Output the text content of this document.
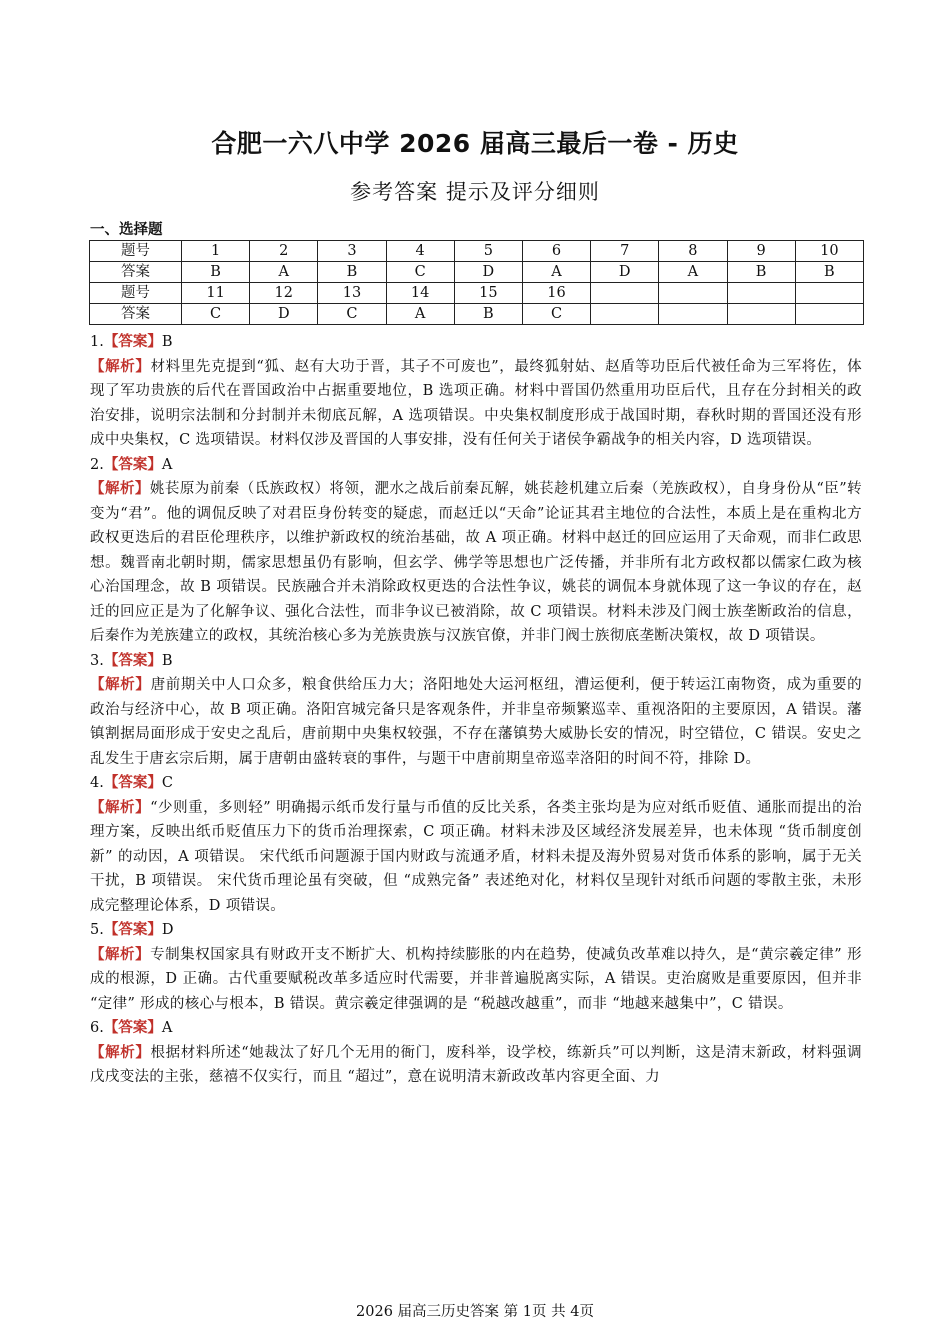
合肥一六八中学 2026 届高三最后一卷 - 历史
参考答案 提示及评分细则
一、选择题
题号	1	2	3	4	5	6	7	8	9	10
答案	B	A	B	C	D	A	D	A	B	B
题号	11	12	13	14	15	16				
答案	C	D	C	A	B	C				

1.【答案】B

【解析】材料里先克提到“狐、赵有大功于晋，其子不可废也”，最终狐射姑、赵盾等功臣后代被任命为三军将佐，体现了军功贵族的后代在晋国政治中占据重要地位，B 选项正确。材料中晋国仍然重用功臣后代，且存在分封相关的政治安排，说明宗法制和分封制并未彻底瓦解，A 选项错误。中央集权制度形成于战国时期，春秋时期的晋国还没有形成中央集权，C 选项错误。材料仅涉及晋国的人事安排，没有任何关于诸侯争霸战争的相关内容，D 选项错误。

2.【答案】A

【解析】姚苌原为前秦（氐族政权）将领，淝水之战后前秦瓦解，姚苌趁机建立后秦（羌族政权），自身身份从“臣”转变为“君”。他的调侃反映了对君臣身份转变的疑虑，而赵迁以“天命”论证其君主地位的合法性，本质上是在重构北方政权更迭后的君臣伦理秩序，以维护新政权的统治基础，故 A 项正确。材料中赵迁的回应运用了天命观，而非仁政思想。魏晋南北朝时期，儒家思想虽仍有影响，但玄学、佛学等思想也广泛传播，并非所有北方政权都以儒家仁政为核心治国理念，故 B 项错误。民族融合并未消除政权更迭的合法性争议，姚苌的调侃本身就体现了这一争议的存在，赵迁的回应正是为了化解争议、强化合法性，而非争议已被消除，故 C 项错误。材料未涉及门阀士族垄断政治的信息，后秦作为羌族建立的政权，其统治核心多为羌族贵族与汉族官僚，并非门阀士族彻底垄断决策权，故 D 项错误。

3.【答案】B

【解析】唐前期关中人口众多，粮食供给压力大；洛阳地处大运河枢纽，漕运便利，便于转运江南物资，成为重要的政治与经济中心，故 B 项正确。洛阳宫城完备只是客观条件，并非皇帝频繁巡幸、重视洛阳的主要原因，A 错误。藩镇割据局面形成于安史之乱后，唐前期中央集权较强，不存在藩镇势大威胁长安的情况，时空错位，C 错误。安史之乱发生于唐玄宗后期，属于唐朝由盛转衰的事件，与题干中唐前期皇帝巡幸洛阳的时间不符，排除 D。

4.【答案】C

【解析】“少则重，多则轻” 明确揭示纸币发行量与币值的反比关系，各类主张均是为应对纸币贬值、通胀而提出的治理方案，反映出纸币贬值压力下的货币治理探索，C 项正确。材料未涉及区域经济发展差异，也未体现 “货币制度创新” 的动因，A 项错误。 宋代纸币问题源于国内财政与流通矛盾，材料未提及海外贸易对货币体系的影响，属于无关干扰，B 项错误。 宋代货币理论虽有突破，但 “成熟完备” 表述绝对化，材料仅呈现针对纸币问题的零散主张，未形成完整理论体系，D 项错误。

5.【答案】D

【解析】专制集权国家具有财政开支不断扩大、机构持续膨胀的内在趋势，使减负改革难以持久，是“黄宗羲定律” 形成的根源，D 正确。古代重要赋税改革多适应时代需要，并非普遍脱离实际，A 错误。吏治腐败是重要原因，但并非 “定律” 形成的核心与根本，B 错误。黄宗羲定律强调的是 “税越改越重”，而非 “地越来越集中”，C 错误。

6.【答案】A

【解析】根据材料所述“她裁汰了好几个无用的衙门，废科举，设学校，练新兵”可以判断，这是清末新政，材料强调戊戌变法的主张，慈禧不仅实行，而且 “超过”，意在说明清末新政改革内容更全面、力

2026 届高三历史答案 第 1页 共 4页
